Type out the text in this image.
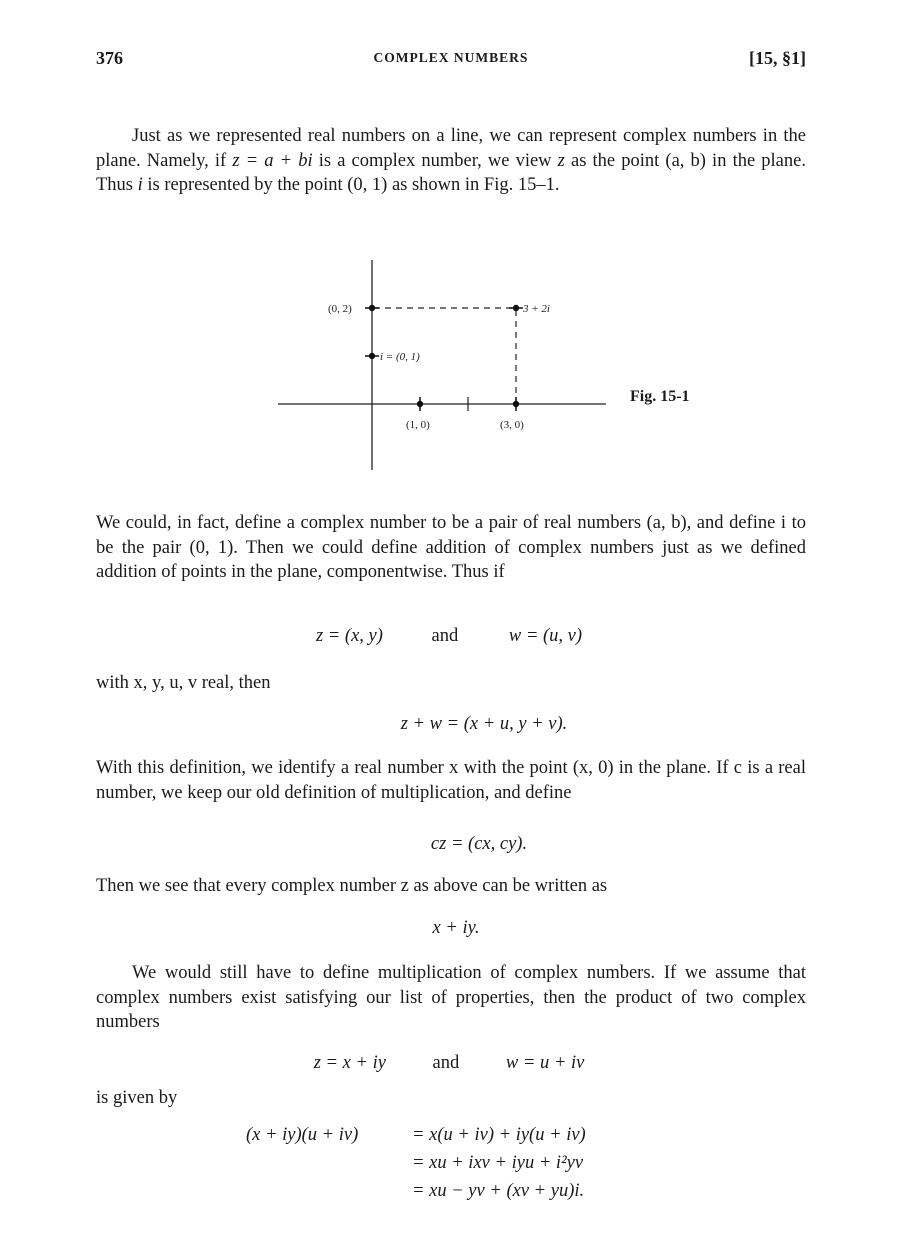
376	COMPLEX NUMBERS	[15, §1]

Just as we represented real numbers on a line, we can represent complex numbers in the plane. Namely, if z = a + bi is a complex number, we view z as the point (a, b) in the plane. Thus i is represented by the point (0, 1) as shown in Fig. 15–1.

(0, 2)	3 + 2i
i = (0, 1)
(1, 0)	(3, 0)
Fig. 15-1

We could, in fact, define a complex number to be a pair of real numbers (a, b), and define i to be the pair (0, 1). Then we could define addition of complex numbers just as we defined addition of points in the plane, componentwise. Thus if

z = (x, y)	and	w = (u, v)

with x, y, u, v real, then

z + w = (x + u, y + v).

With this definition, we identify a real number x with the point (x, 0) in the plane. If c is a real number, we keep our old definition of multiplication, and define

cz = (cx, cy).

Then we see that every complex number z as above can be written as

x + iy.

We would still have to define multiplication of complex numbers. If we assume that complex numbers exist satisfying our list of properties, then the product of two complex numbers

z = x + iy	and	w = u + iv

is given by

(x + iy)(u + iv)	= x(u + iv) + iy(u + iv)
= xu + ixv + iyu + i²yv
= xu − yv + (xv + yu)i.
